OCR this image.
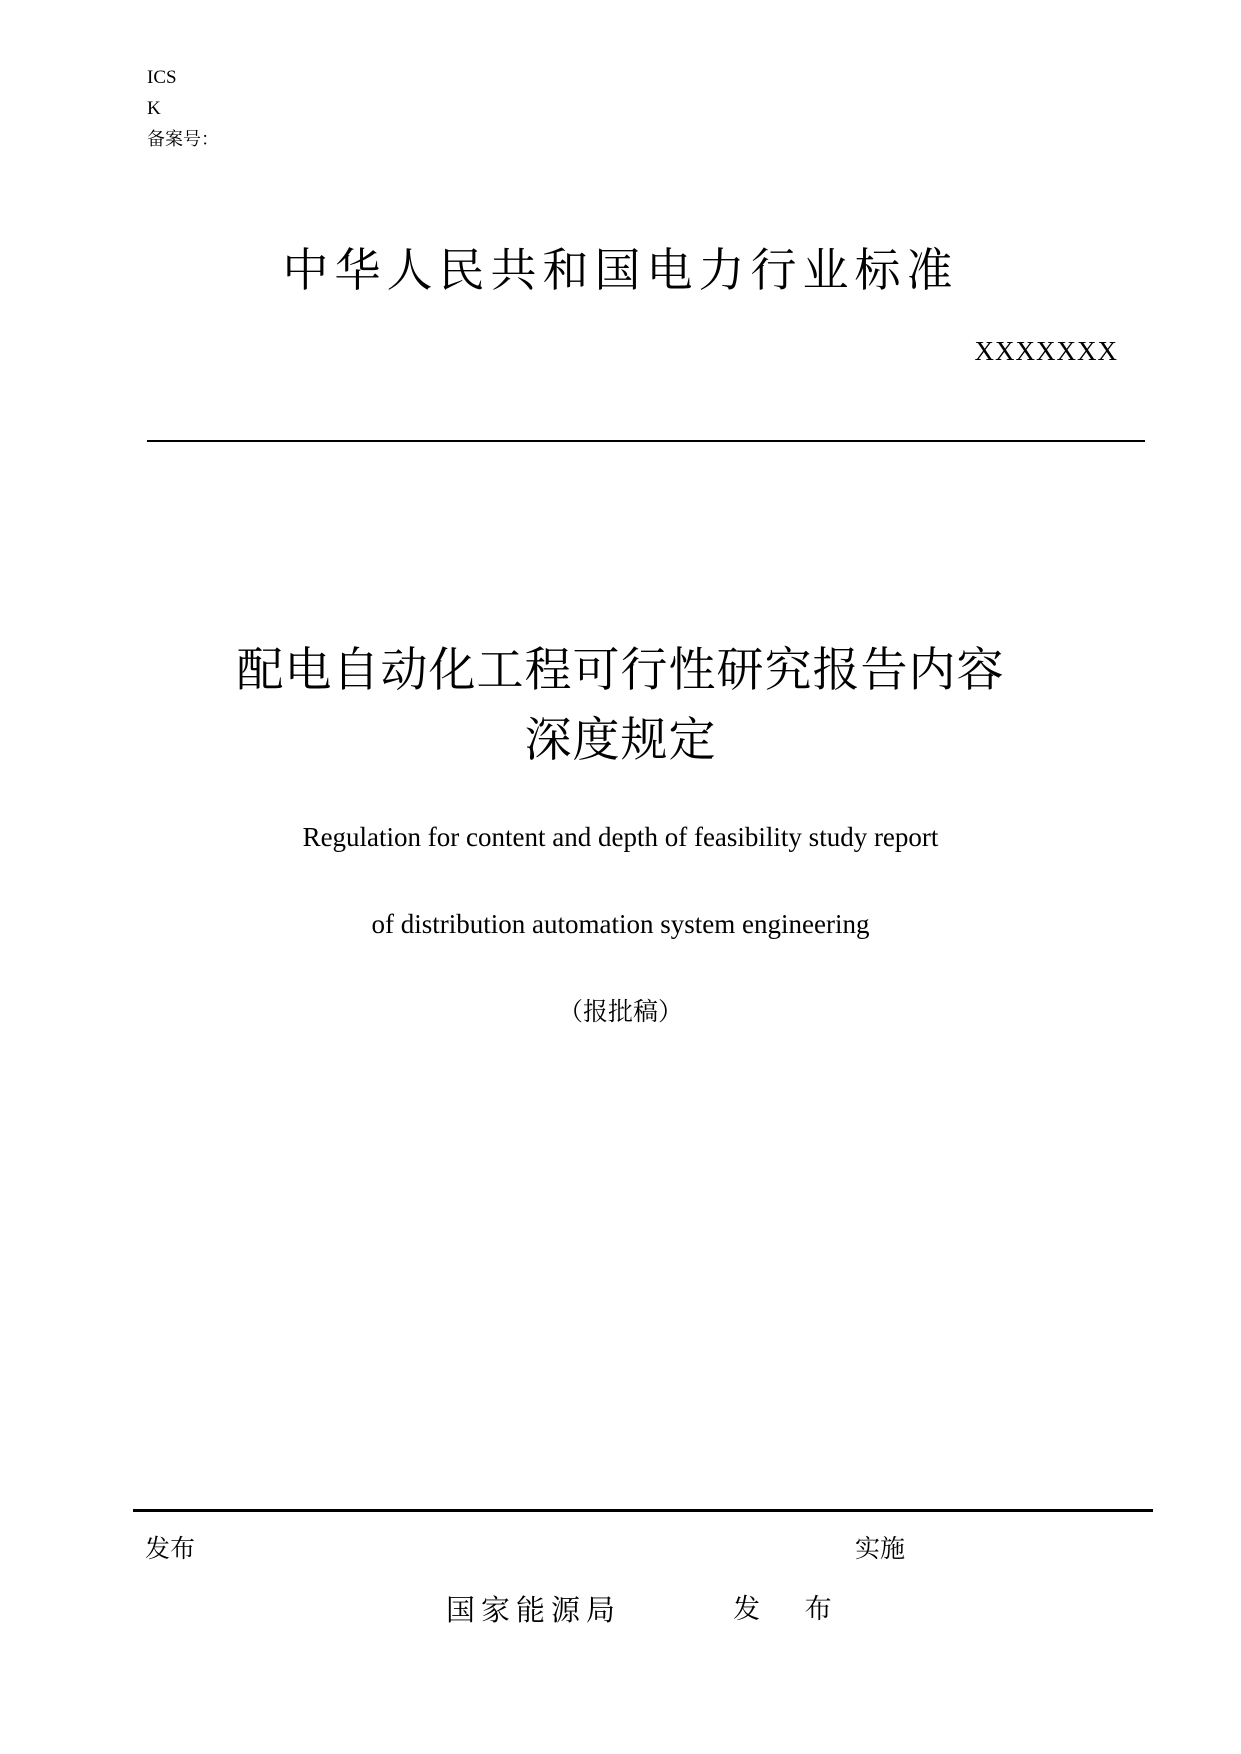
ICS
K
备案号：
中华人民共和国电力行业标准
XXXXXXX
配电自动化工程可行性研究报告内容
深度规定
Regulation for content and depth of feasibility study report
of distribution automation system engineering
（报批稿）
发布	实施
国家能源局	发 布
